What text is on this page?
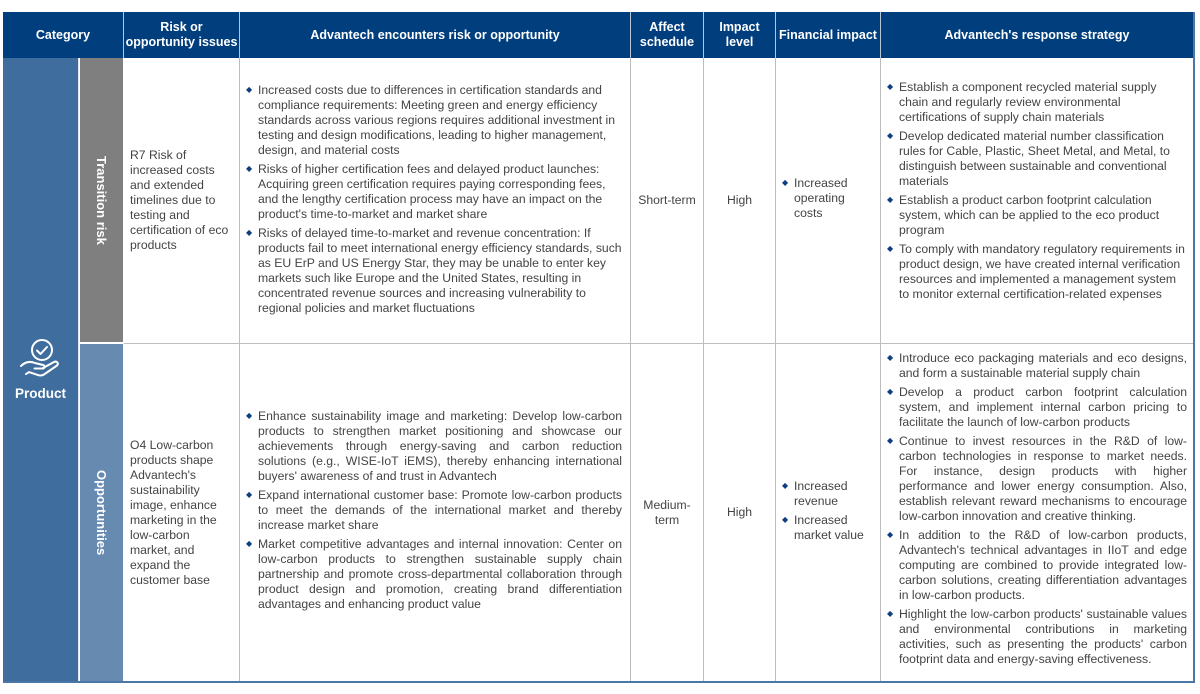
Category
Risk or opportunity issues
Advantech encounters risk or opportunity
Affect schedule
Impact level
Financial impact	Advantech's response strategy
Product
Transition risk
Opportunities
R7 Risk of increased costs and extended timelines due to testing and certification of eco products
◆ Increased costs due to differences in certification standards and compliance requirements: Meeting green and energy efficiency standards across various regions requires additional investment in testing and design modifications, leading to higher management, design, and material costs
◆ Risks of higher certification fees and delayed product launches: Acquiring green certification requires paying corresponding fees, and the lengthy certification process may have an impact on the product's time-to-market and market share
◆ Risks of delayed time-to-market and revenue concentration: If products fail to meet international energy efficiency standards, such as EU ErP and US Energy Star, they may be unable to enter key markets such like Europe and the United States, resulting in concentrated revenue sources and increasing vulnerability to regional policies and market fluctuations
Short-term	High
◆ Increased operating costs
◆ Establish a component recycled material supply chain and regularly review environmental certifications of supply chain materials
◆ Develop dedicated material number classification rules for Cable, Plastic, Sheet Metal, and Metal, to distinguish between sustainable and conventional materials
◆ Establish a product carbon footprint calculation system, which can be applied to the eco product program
◆ To comply with mandatory regulatory requirements in product design, we have created internal verification resources and implemented a management system to monitor external certification-related expenses
O4 Low-carbon products shape Advantech's sustainability image, enhance marketing in the low-carbon market, and expand the customer base
◆ Enhance sustainability image and marketing: Develop low-carbon products to strengthen market positioning and showcase our achievements through energy-saving and carbon reduction solutions (e.g., WISE-IoT iEMS), thereby enhancing international buyers' awareness of and trust in Advantech
◆ Expand international customer base: Promote low-carbon products to meet the demands of the international market and thereby increase market share
◆ Market competitive advantages and internal innovation: Center on low-carbon products to strengthen sustainable supply chain partnership and promote cross-departmental collaboration through product design and promotion, creating brand differentiation advantages and enhancing product value
Medium-term
High
◆ Increased revenue
◆ Increased market value
◆ Introduce eco packaging materials and eco designs, and form a sustainable material supply chain
◆ Develop a product carbon footprint calculation system, and implement internal carbon pricing to facilitate the launch of low-carbon products
◆ Continue to invest resources in the R&D of low-carbon technologies in response to market needs. For instance, design products with higher performance and lower energy consumption. Also, establish relevant reward mechanisms to encourage low-carbon innovation and creative thinking.
◆ In addition to the R&D of low-carbon products, Advantech's technical advantages in IIoT and edge computing are combined to provide integrated low-carbon solutions, creating differentiation advantages in low-carbon products.
◆ Highlight the low-carbon products' sustainable values and environmental contributions in marketing activities, such as presenting the products' carbon footprint data and energy-saving effectiveness.
